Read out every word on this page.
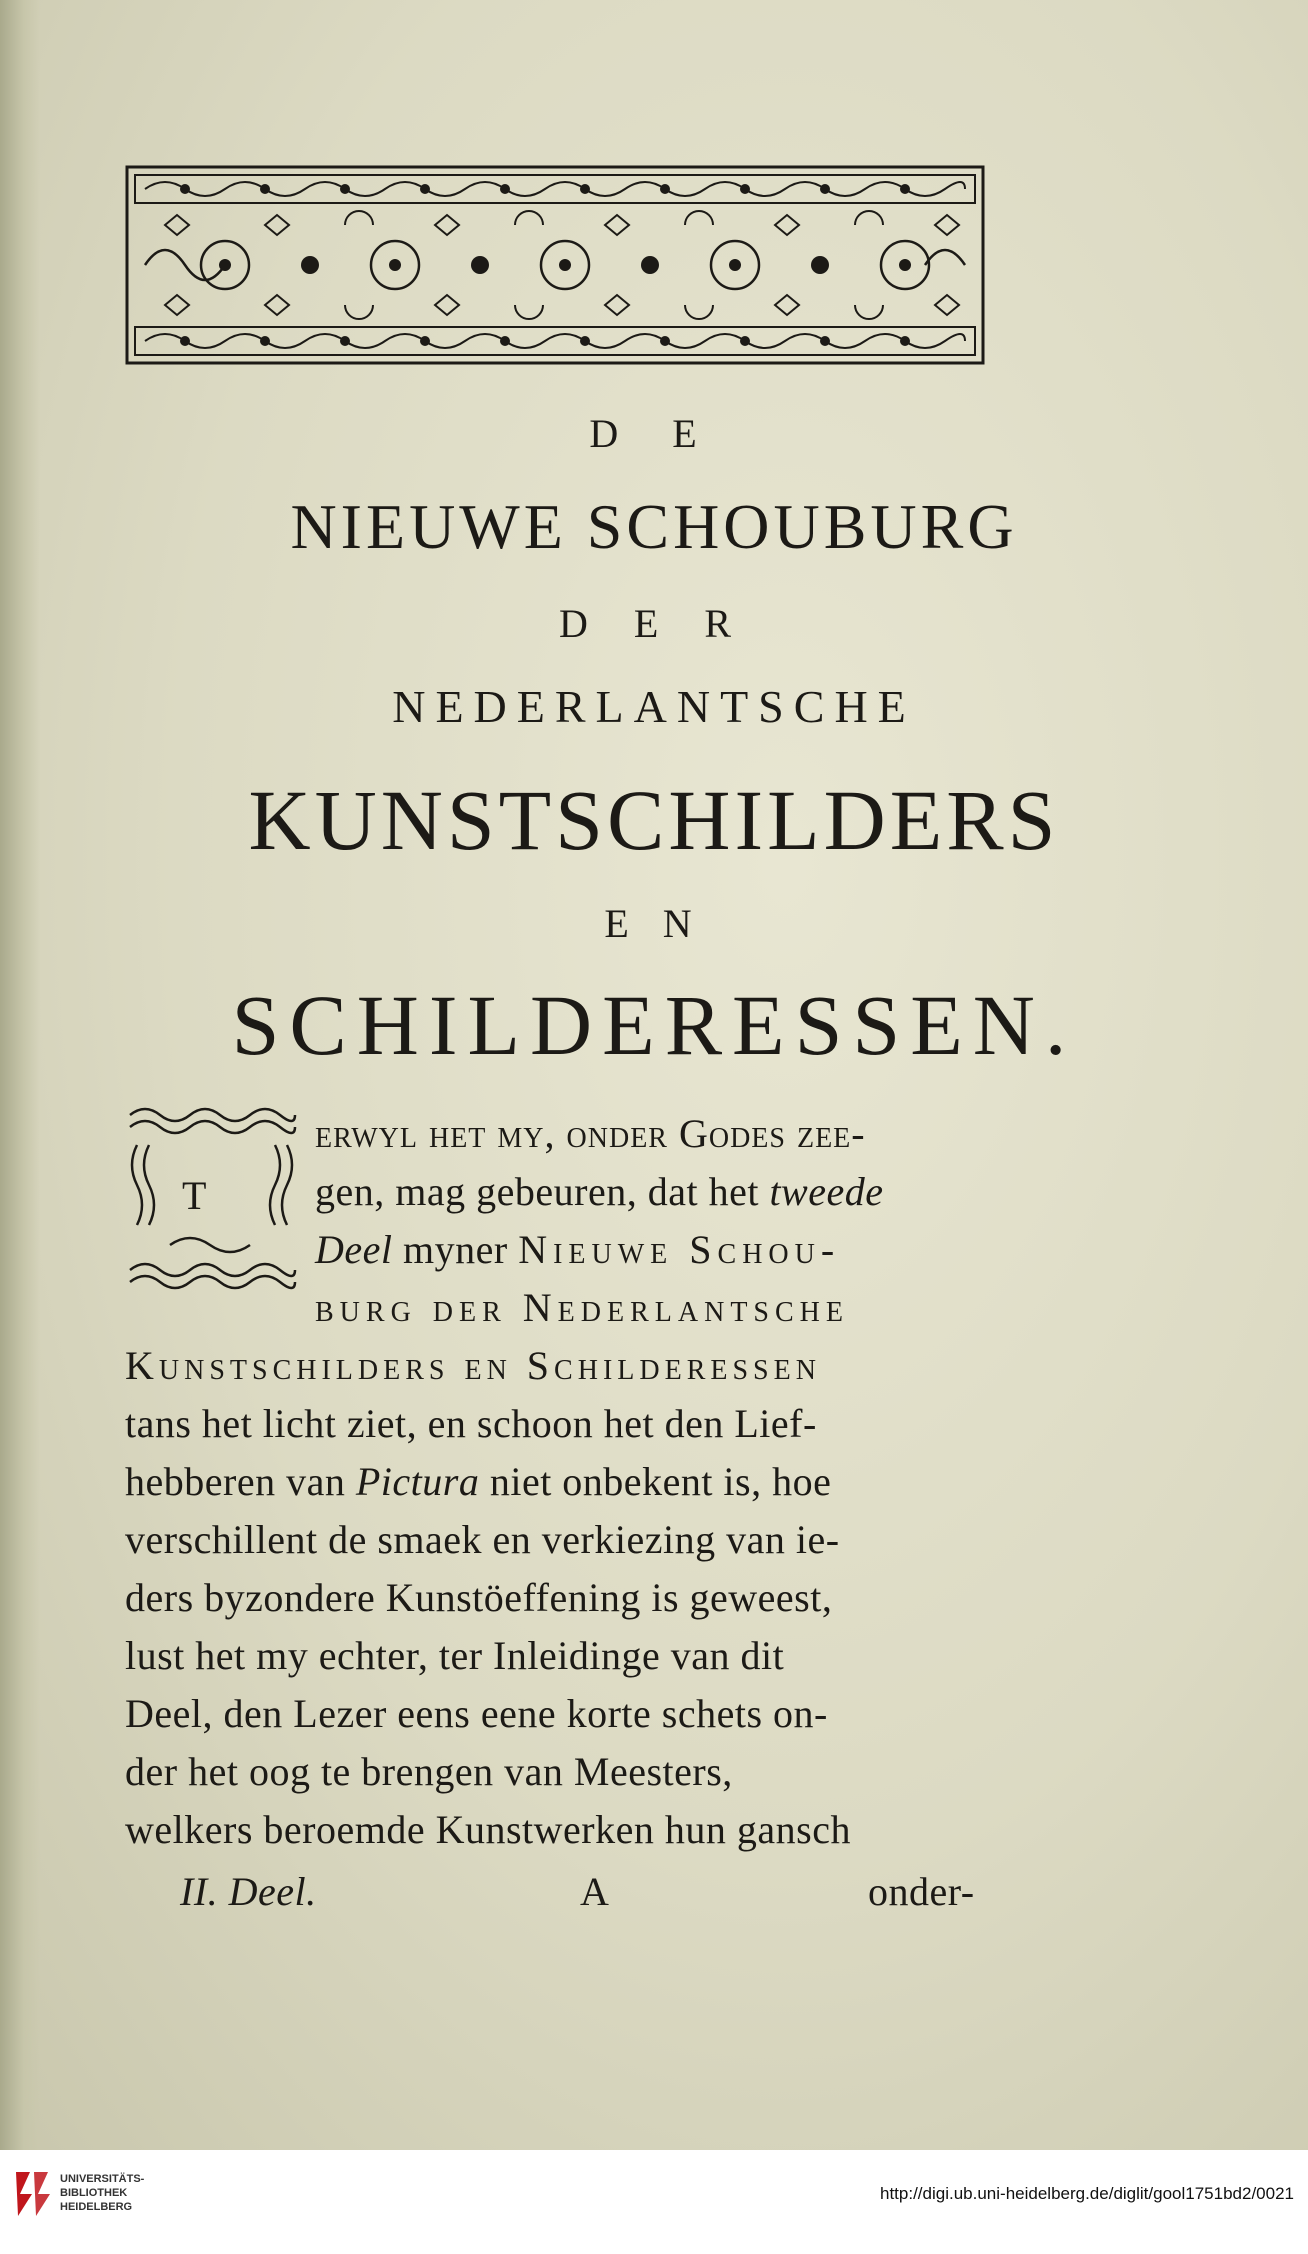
D E
NIEUWE SCHOUBURG
D E R
NEDERLANTSCHE
KUNSTSCHILDERS
E N
SCHILDERESSEN.
T
erwyl het my, onder Godes zee-
gen, mag gebeuren, dat het tweede
Deel myner Nieuwe Schou-
burg der Nederlantsche
Kunstschilders en Schilderessen
tans het licht ziet, en schoon het den Lief-
hebberen van Pictura niet onbekent is, hoe
verschillent de smaek en verkiezing van ie-
ders byzondere Kunstöeffening is geweest,
lust het my echter, ter Inleidinge van dit
Deel, den Lezer eens eene korte schets on-
der het oog te brengen van Meesters,
welkers beroemde Kunstwerken hun gansch
II. Deel.	A	onder-
UNIVERSITÄTS-
BIBLIOTHEK
HEIDELBERG
http://digi.ub.uni-heidelberg.de/diglit/gool1751bd2/0021
